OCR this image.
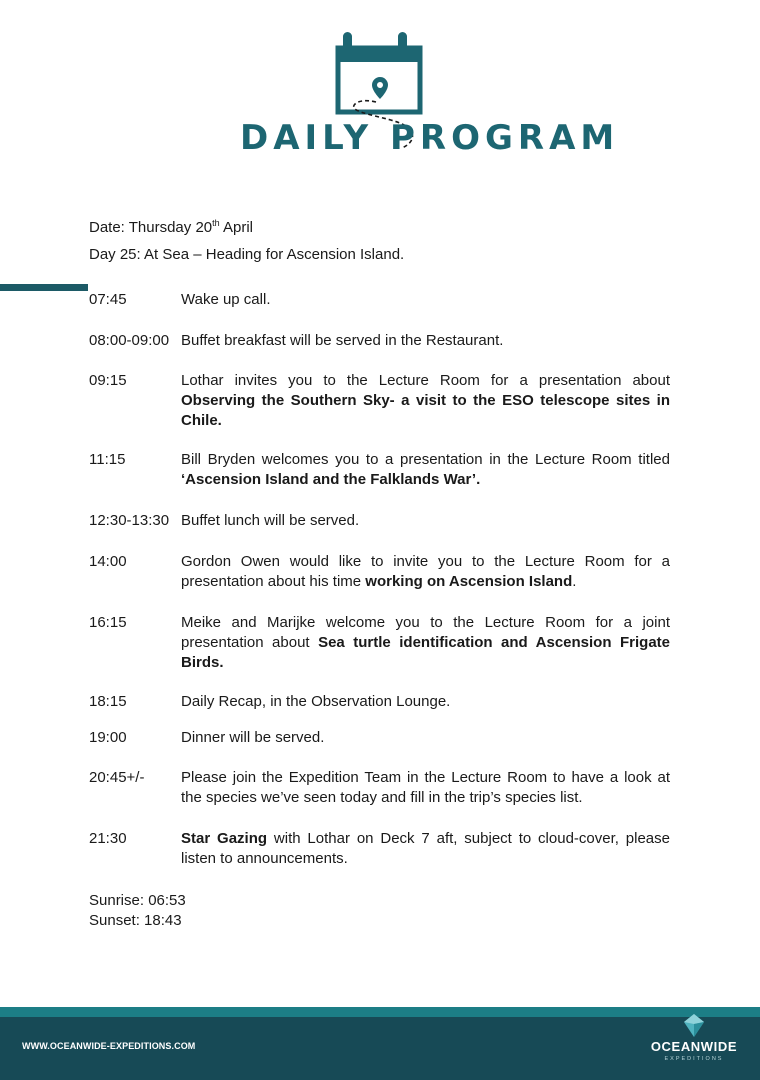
DAILY PROGRAM
Date: Thursday 20th April
Day 25: At Sea – Heading for Ascension Island.
07:45	Wake up call.
08:00-09:00 Buffet breakfast will be served in the Restaurant.
09:15	Lothar invites you to the Lecture Room for a presentation about Observing the Southern Sky- a visit to the ESO telescope sites in Chile.
11:15	Bill Bryden welcomes you to a presentation in the Lecture Room titled ‘Ascension Island and the Falklands War’.
12:30-13:30 Buffet lunch will be served.
14:00	Gordon Owen would like to invite you to the Lecture Room for a presentation about his time working on Ascension Island.
16:15	Meike and Marijke welcome you to the Lecture Room for a joint presentation about Sea turtle identification and Ascension Frigate Birds.
18:15	Daily Recap, in the Observation Lounge.
19:00	Dinner will be served.
20:45+/-	Please join the Expedition Team in the Lecture Room to have a look at the species we’ve seen today and fill in the trip’s species list.
21:30	Star Gazing with Lothar on Deck 7 aft, subject to cloud-cover, please listen to announcements.
Sunrise: 06:53
Sunset: 18:43
WWW.OCEANWIDE-EXPEDITIONS.COM	OCEANWIDE
EXPEDITIONS
